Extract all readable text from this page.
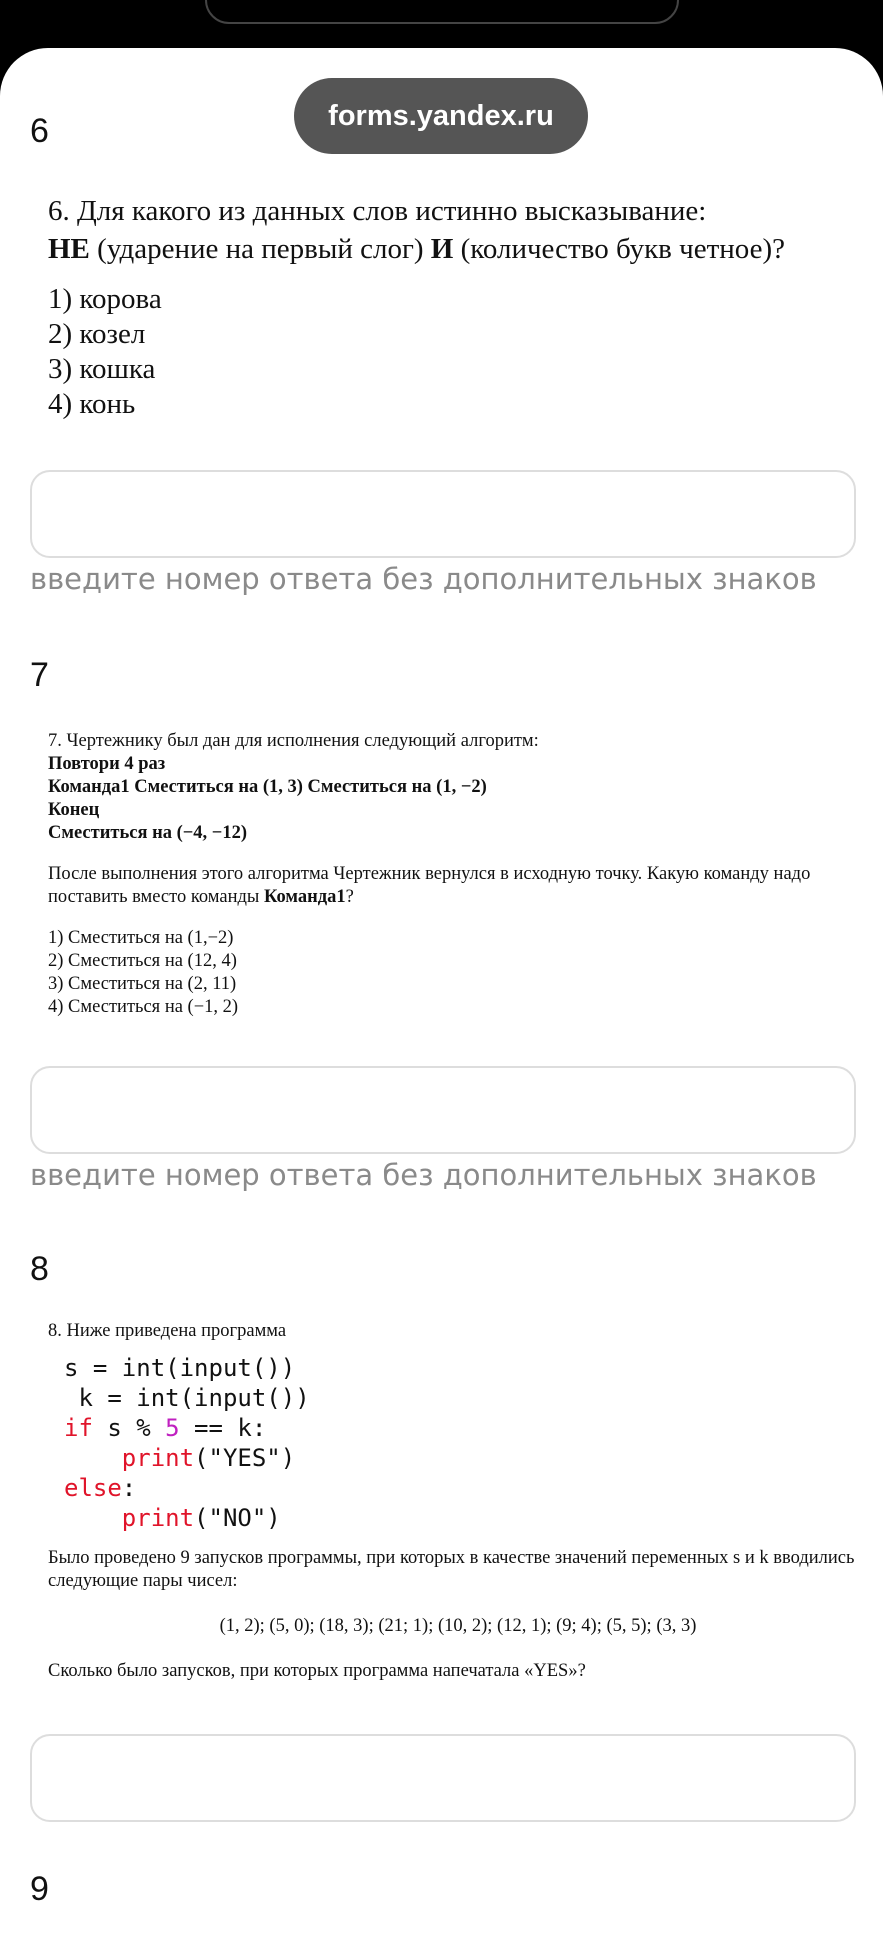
forms.yandex.ru
6
6. Для какого из данных слов истинно высказывание:
НЕ (ударение на первый слог) И (количество букв четное)?
1) корова
2) козел
3) кошка
4) конь
введите номер ответа без дополнительных знаков
7
7. Чертежнику был дан для исполнения следующий алгоритм:
Повтори 4 раз
Команда1 Сместиться на (1, 3) Сместиться на (1, −2)
Конец
Сместиться на (−4, −12)
После выполнения этого алгоритма Чертежник вернулся в исходную точку. Какую команду надо поставить вместо команды Команда1?
1) Сместиться на (1,−2)
2) Сместиться на (12, 4)
3) Сместиться на (2, 11)
4) Сместиться на (−1, 2)
введите номер ответа без дополнительных знаков
8
8. Ниже приведена программа
s = int(input())
k = int(input())
if s % 5 == k:
print("YES")
else:
print("NO")
Было проведено 9 запусков программы, при которых в качестве значений переменных s и k вводились следующие пары чисел:
(1, 2); (5, 0); (18, 3); (21; 1); (10, 2); (12, 1); (9; 4); (5, 5); (3, 3)
Сколько было запусков, при которых программа напечатала «YES»?
9
